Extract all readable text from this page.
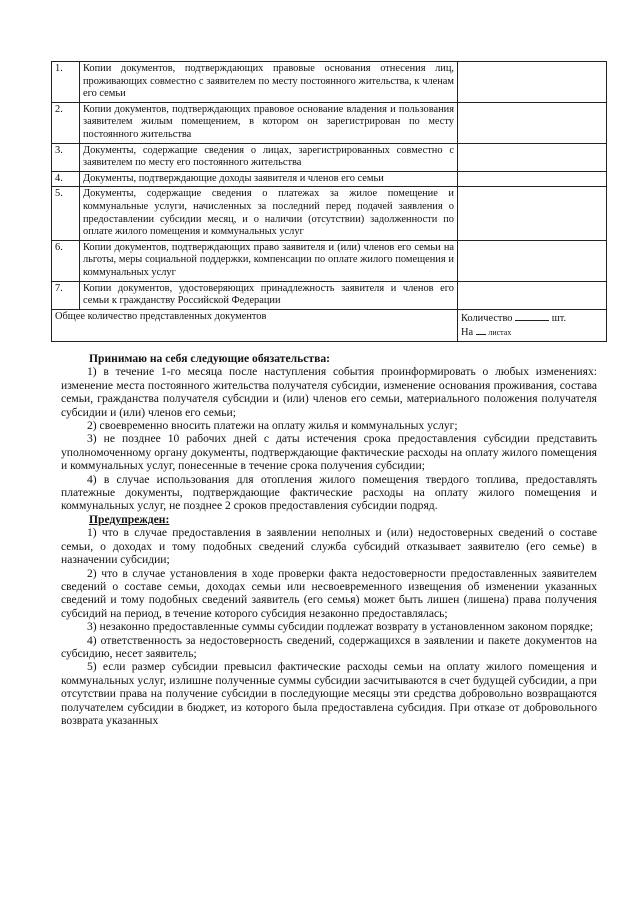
1.	Копии документов, подтверждающих правовые основания отнесения лиц, проживающих совместно с заявителем по месту постоянного жительства, к членам его семьи	
2.	Копии документов, подтверждающих правовое основание владения и пользования заявителем жилым помещением, в котором он зарегистрирован по месту постоянного жительства	
3.	Документы, содержащие сведения о лицах, зарегистрированных совместно с заявителем по месту его постоянного жительства	
4.	Документы, подтверждающие доходы заявителя и членов его семьи	
5.	Документы, содержащие сведения о платежах за жилое помещение и коммунальные услуги, начисленных за последний перед подачей заявления о предоставлении субсидии месяц, и о наличии (отсутствии) задолженности по оплате жилого помещения и коммунальных услуг	
6.	Копии документов, подтверждающих право заявителя и (или) членов его семьи на льготы, меры социальной поддержки, компенсации по оплате жилого помещения и коммунальных услуг	
7.	Копии документов, удостоверяющих принадлежность заявителя и членов его семьи к гражданству Российской Федерации	
Общее количество представленных документов		Количество шт.
На листах

Принимаю на себя следующие обязательства:

1) в течение 1-го месяца после наступления события проинформировать о любых изменениях: изменение места постоянного жительства получателя субсидии, изменение основания проживания, состава семьи, гражданства получателя субсидии и (или) членов его семьи, материального положения получателя субсидии и (или) членов его семьи;

2) своевременно вносить платежи на оплату жилья и коммунальных услуг;

3) не позднее 10 рабочих дней с даты истечения срока предоставления субсидии представить уполномоченному органу документы, подтверждающие фактические расходы на оплату жилого помещения и коммунальных услуг, понесенные в течение срока получения субсидии;

4) в случае использования для отопления жилого помещения твердого топлива, предоставлять платежные документы, подтверждающие фактические расходы на оплату жилого помещения и коммунальных услуг, не позднее 2 сроков предоставления субсидии подряд.

Предупрежден:

1) что в случае предоставления в заявлении неполных и (или) недостоверных сведений о составе семьи, о доходах и тому подобных сведений служба субсидий отказывает заявителю (его семье) в назначении субсидии;

2) что в случае установления в ходе проверки факта недостоверности предоставленных заявителем сведений о составе семьи, доходах семьи или несвоевременного извещения об изменении указанных сведений и тому подобных сведений заявитель (его семья) может быть лишен (лишена) права получения субсидий на период, в течение которого субсидия незаконно предоставлялась;

3) незаконно предоставленные суммы субсидии подлежат возврату в установленном законом порядке;

4) ответственность за недостоверность сведений, содержащихся в заявлении и пакете документов на субсидию, несет заявитель;

5) если размер субсидии превысил фактические расходы семьи на оплату жилого помещения и коммунальных услуг, излишне полученные суммы субсидии засчитываются в счет будущей субсидии, а при отсутствии права на получение субсидии в последующие месяцы эти средства добровольно возвращаются получателем субсидии в бюджет, из которого была предоставлена субсидия. При отказе от добровольного возврата указанных
